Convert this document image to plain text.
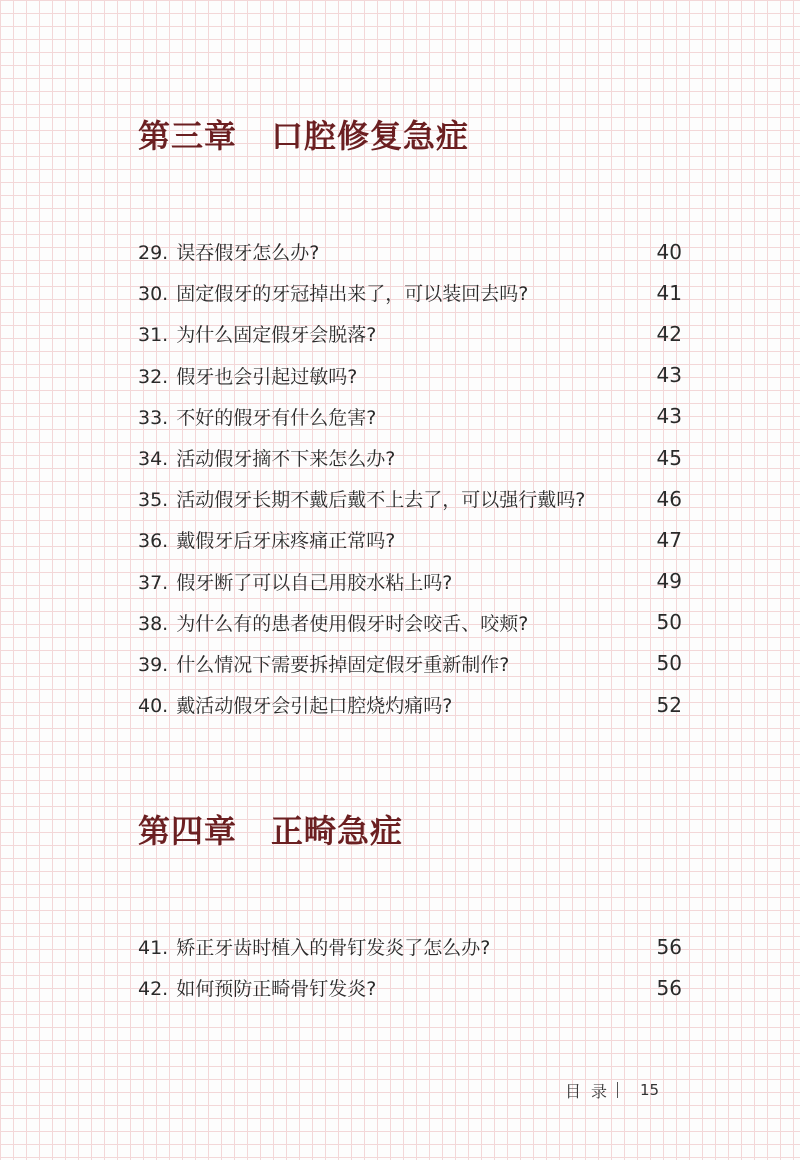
第三章 口腔修复急症
29. 误吞假牙怎么办?	40
30. 固定假牙的牙冠掉出来了，可以装回去吗?	41
31. 为什么固定假牙会脱落?	42
32. 假牙也会引起过敏吗?	43
33. 不好的假牙有什么危害?	43
34. 活动假牙摘不下来怎么办?	45
35. 活动假牙长期不戴后戴不上去了，可以强行戴吗?	46
36. 戴假牙后牙床疼痛正常吗?	47
37. 假牙断了可以自己用胶水粘上吗?	49
38. 为什么有的患者使用假牙时会咬舌、咬颊?	50
39. 什么情况下需要拆掉固定假牙重新制作?	50
40. 戴活动假牙会引起口腔烧灼痛吗?	52
第四章 正畸急症
41. 矫正牙齿时植入的骨钉发炎了怎么办?	56
42. 如何预防正畸骨钉发炎?	56
目录 15
